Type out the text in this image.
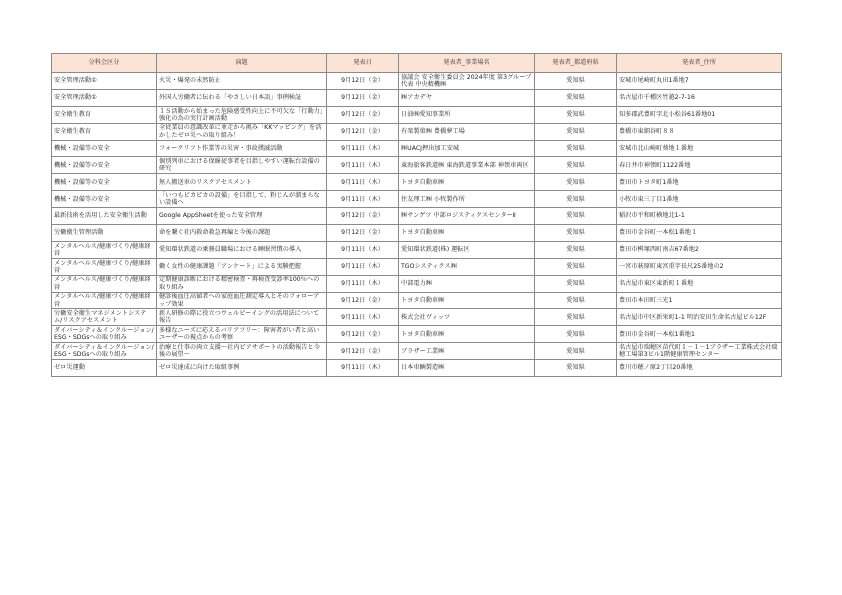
分科会区分	演題	発表日	発表者_事業場名	発表者_都道府県	発表者_住所
安全管理活動①	火災・爆発の未然防止	9月12日（金）	協議会 安全衛生委員会 2024年度 第3グループ 代表 中央精機㈱	愛知県	安城市尾崎町丸田1番地7
安全管理活動①	外国人労働者に伝わる「やさしい日本語」事例検証	9月12日（金）	㈱アカデヤ	愛知県	名古屋市千種区竹越2-7-16
安全衛生教育	１Ｓ活動から始まった危険感受性向上に不可欠な「行動力」強化の為の実行計画活動	9月12日（金）	日油㈱愛知事業所	愛知県	知多郡武豊町字北小松谷61番地01
安全衛生教育	全従業員の意識改革に並走から挑み「KKマッピング」を活かしたゼロ災への取り組み！	9月12日（金）	有楽製菓㈱ 豊橋夢工場	愛知県	豊橋市東細谷町８８
機械・設備等の安全	フォークリフト作業等の災害・事故撲滅活動	9月11日（木）	㈱UACJ押出加工安城	愛知県	安城市北山崎町葵地１番地
機械・設備等の安全	個別列車における保線従事者を目指しやすい運転台設備の研究	9月11日（木）	東海旅客鉄道㈱ 東海鉄道事業本部 神領車両区	愛知県	春日井市神領町1122番地
機械・設備等の安全	無人搬送車のリスクアセスメント	9月11日（木）	トヨタ自動車㈱	愛知県	豊田市トヨタ町1番地
機械・設備等の安全	「いつもピカピカの設備」を目指して、粉じんが溜まらない設備へ	9月11日（木）	住友理工㈱ 小牧製作所	愛知県	小牧市東三丁目1番地
最新技術を活用した安全衛生活動	Google AppSheetを使った安全管理	9月12日（金）	㈱サンゲツ 中部ロジスティクスセンターⅡ	愛知県	稲沢市平和町横地北1-1
労働衛生管理活動	命を繋ぐ社内救命救急再編と今後の課題	9月12日（金）	トヨタ自動車㈱	愛知県	豊田市金谷町一本松1番地１
メンタルヘルス/健康づくり/健康経営	愛知環状鉄道の乗務員職場における睡眠習慣の導入	9月11日（木）	愛知環状鉄道(株) 運転区	愛知県	豊田市桝塚西町南吉67番地2
メンタルヘルス/健康づくり/健康経営	働く女性の健康課題「アンケート」による実験把握	9月11日（木）	TGOシスティクス㈱	愛知県	一宮市萩原町東宮重字長尺25番地の2
メンタルヘルス/健康づくり/健康経営	定期健康診断における精密検査・再検査受診率100％への取り組み	9月11日（木）	中部電力㈱	愛知県	名古屋市東区東新町１番地
メンタルヘルス/健康づくり/健康経営	健診後血圧高値者への家庭血圧測定導入とそのフォローアップ効果	9月12日（金）	トヨタ自動車㈱	愛知県	豊田市本田町三光1
労働安全衛生マネジメントシステム/リスクアセスメント	新人研修の際に役立つウェルビーイングの活用法について報告	9月11日（木）	株式会社ヴィッツ	愛知県	名古屋市中区新栄町1-1 明治安田生命名古屋ビル12F
ダイバーシティ＆インクルージョン/ESG・SDGsへの取り組み	多様なニーズに応えるバリアフリー：障害者がい者と高いユーザーの視点からの考察	9月12日（金）	トヨタ自動車㈱	愛知県	豊田市金谷町一本松1番地1
ダイバーシティ＆インクルージョン/ESG・SDGsへの取り組み	治療と仕事の両立支援～社内ピアサポートの活動報告と今後の展望～	9月12日（金）	ブラザー工業㈱	愛知県	名古屋市瑞穂区苗代町１－１－1ブラザー工業株式会社瑞穂工場第3ビル1階健康管理センター
ゼロ災運動	ゼロ災達成に向けた取組事例	9月11日（木）	日本車輌製造㈱	愛知県	豊川市穂ノ原2丁目20番地
